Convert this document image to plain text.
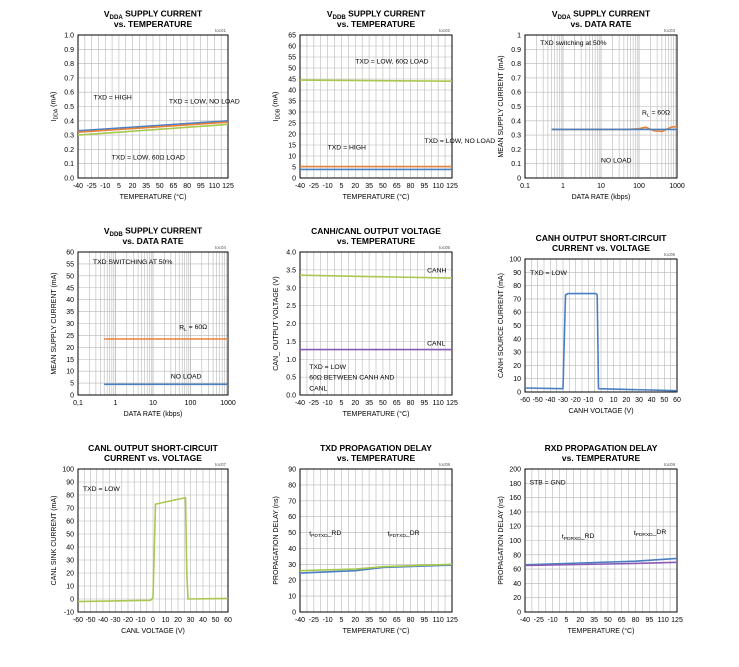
-40 -25 -10 5 20 35 50 65 80 95 110 125
0.0
0.1
0.2
0.3
0.4
0.5
0.6
0.7
0.8
0.9
1.0
$V_{DDA}$ SUPPLY CURRENT
vs. TEMPERATURE
toc01
TEMPERATURE (°C)
$I_{DDA}$ (mA)	TXD = HIGH
TXD = LOW, NO LOAD
TXD = LOW, 60Ω LOAD
-40 -25 -10 5 20 35 50 65 80 95 110 125
0
5
10
15
20
25
30
35
40
45
50
55
60
65
$V_{DDB}$ SUPPLY CURRENT
vs. TEMPERATURE
toc02
TEMPERATURE (°C)
$I_{DDB}$ (mA)
TXD = LOW, 60Ω LOAD
TXD = HIGH
TXD = LOW, NO LOAD
0.1	1	10	100	1000
0
0.1
0.2
0.3
0.4
0.5
0.6
0.7
0.8
0.9
1
$V_{DDA}$ SUPPLY CURRENT
vs. DATA RATE
toc03
DATA RATE (kbps)
MEAN SUPPLY CURRENT (mA)
TXD switching at 50%
$R_L = 60\Omega$
NO LOAD
0,1	1	10	100	1000
0
5
10
15
20
25
30
35
40
45
50
55
60
$V_{DDB}$ SUPPLY CURRENT
vs. DATA RATE
toc04
DATA RATE (kbps)
MEAN SUPPLY CURRENT (mA)
TXD SWITCHING AT 50%
$R_L = 60\Omega$
NO LOAD
-40 -25 -10 5 20 35 50 65 80 95 110 125
0.0
0.5
1.0
1.5
2.0
2.5
3.0
3.5
4.0
CANH/CANL OUTPUT VOLTAGE
vs. TEMPERATURE
toc05
TEMPERATURE (°C)
CAN_ OUTPUT VOLTAGE (V)
CANH
CANL
TXD = LOW
60Ω BETWEEN CANH AND
CANL
-60 -50 -40 -30 -20 -10 0 10 20 30 40 50 60
0
10
20
30
40
50
60
70
80
90
100
CANH OUTPUT SHORT-CIRCUIT
CURRENT vs. VOLTAGE
toc06
CANH VOLTAGE (V)
CANH SOURCE CURRENT (mA)	TXD = LOW
-60 -50 -40 -30 -20 -10 0 10 20 30 40 50 60
-10
0
10
20
30
40
50
60
70
80
90
100
CANL OUTPUT SHORT-CIRCUIT
CURRENT vs. VOLTAGE
toc07
CANL VOLTAGE (V)
CANL SINK CURRENT (mA)
TXD = LOW
-40 -25 -10 5 20 35 50 65 80 95 110 125
0
10
20
30
40
50
60
70
80
90
TXD PROPAGATION DELAY
vs. TEMPERATURE
toc08
TEMPERATURE (°C)
PROPAGATION DELAY (ns)	$t_{PDTXD}\_RD$	$t_{PDTXD}\_DR$
-40 -25 -10 5 20 35 50 65 80 95 110 125
0
20
40
60
80
100
120
140
160
180
200
RXD PROPAGATION DELAY
vs. TEMPERATURE
toc09
TEMPERATURE (°C)
PROPAGATION DELAY (ns)
STB = GND
$t_{PDRXD}\_RD$	$t_{PDRXD}\_DR$
